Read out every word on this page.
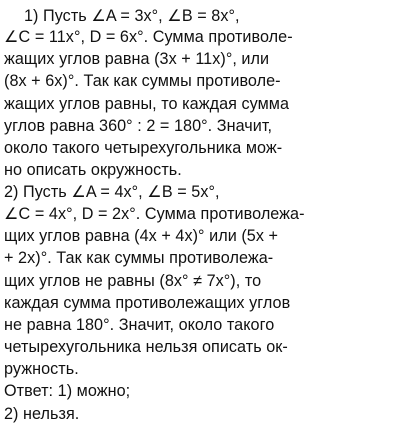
1) Пусть ∠A = 3x°, ∠B = 8x°,
∠C = 11x°, D = 6x°. Сумма противоле-
жащих углов равна (3x + 11x)°, или
(8x + 6x)°. Так как суммы противоле-
жащих углов равны, то каждая сумма
углов равна 360° : 2 = 180°. Значит,
около такого четырехугольника мож-
но описать окружность.
2) Пусть ∠A = 4x°, ∠B = 5x°,
∠C = 4x°, D = 2x°. Сумма противолежа-
щих углов равна (4x + 4x)° или (5x +
+ 2x)°. Так как суммы противолежа-
щих углов не равны (8x° ≠ 7x°), то
каждая сумма противолежащих углов
не равна 180°. Значит, около такого
четырехугольника нельзя описать ок-
ружность.
Ответ: 1) можно;
2) нельзя.
